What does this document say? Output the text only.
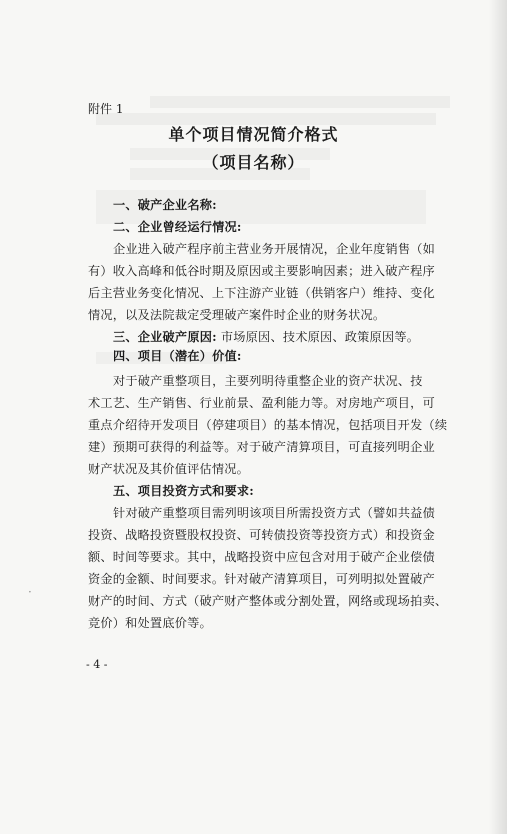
附件 1
单个项目情况简介格式
（项目名称）
一、破产企业名称:
二、企业曾经运行情况:
企业进入破产程序前主营业务开展情况，企业年度销售（如
有）收入高峰和低谷时期及原因或主要影响因素；进入破产程序
后主营业务变化情况、上下注游产业链（供销客户）维持、变化
情况，以及法院裁定受理破产案件时企业的财务状况。
三、企业破产原因: 市场原因、技术原因、政策原因等。
四、项目（潜在）价值:
对于破产重整项目，主要列明待重整企业的资产状况、技
术工艺、生产销售、行业前景、盈利能力等。对房地产项目，可
重点介绍待开发项目（停建项目）的基本情况，包括项目开发（续
建）预期可获得的利益等。对于破产清算项目，可直接列明企业
财产状况及其价值评估情况。
五、项目投资方式和要求:
针对破产重整项目需列明该项目所需投资方式（譬如共益债
投资、战略投资暨股权投资、可转债投资等投资方式）和投资金
额、时间等要求。其中，战略投资中应包含对用于破产企业偿债
资金的金额、时间要求。针对破产清算项目，可列明拟处置破产
财产的时间、方式（破产财产整体或分割处置，网络或现场拍卖、
竞价）和处置底价等。
·
- 4 -
